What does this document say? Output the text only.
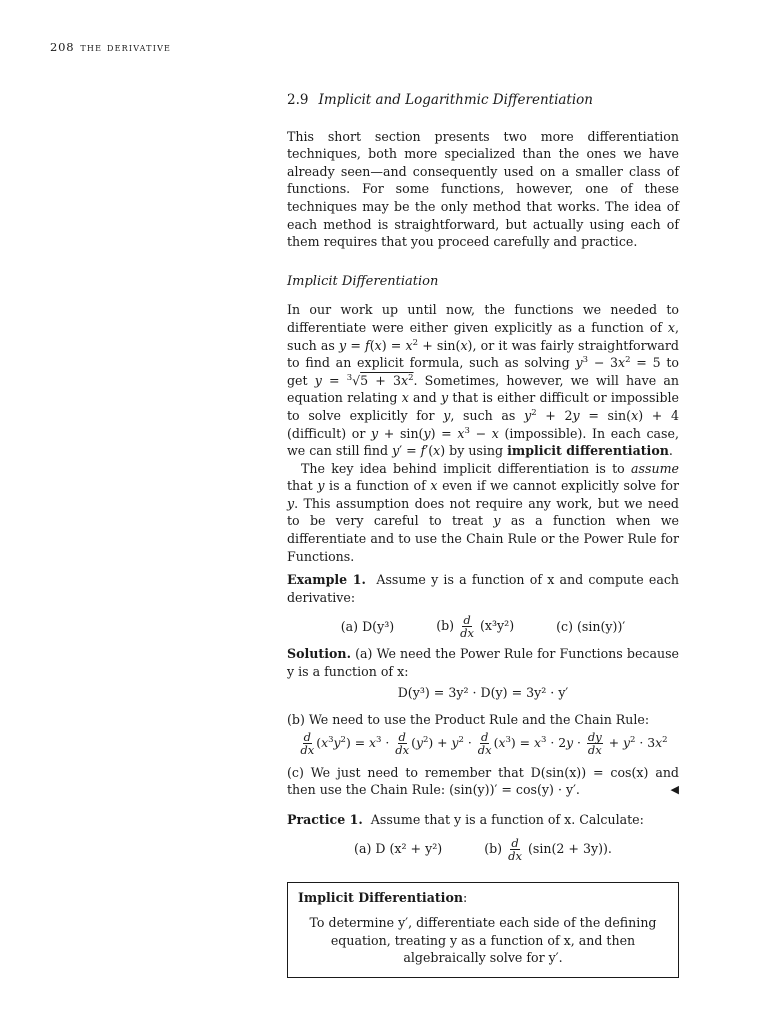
208 the derivative
2.9 Implicit and Logarithmic Differentiation

This short section presents two more differentiation techniques, both more specialized than the ones we have already seen—and consequently used on a smaller class of functions. For some functions, however, one of these techniques may be the only method that works. The idea of each method is straightforward, but actually using each of them requires that you proceed carefully and practice.

Implicit Differentiation

In our work up until now, the functions we needed to differentiate were either given explicitly as a function of x, such as $y = f(x) = x^2 + \sin(x)$, or it was fairly straightforward to find an explicit formula, such as solving $y^3 - 3x^2 = 5$ to get $y = ^3√5 + 3x^2$. Sometimes, however, we will have an equation relating x and y that is either difficult or impossible to solve explicitly for y, such as $y^2 + 2y = \sin(x) + 4$ (difficult) or $y + \sin(y) = x^3 - x$ (impossible). In each case, we can still find y′ = f′(x) by using implicit differentiation.

The key idea behind implicit differentiation is to assume that y is a function of x even if we cannot explicitly solve for y. This assumption does not require any work, but we need to be very careful to treat y as a function when we differentiate and to use the Chain Rule or the Power Rule for Functions.

Example 1. Assume y is a function of x and compute each derivative:

(a) D(y³)	$(b) \frac{d}{dx} (x^3y^2)$	(c) (sin(y))′

Solution. (a) We need the Power Rule for Functions because y is a function of x:

D(y³) = 3y² · D(y) = 3y² · y′

(b) We need to use the Product Rule and the Chain Rule:

$\frac{d}{dx} (x^3y^2) = x^3 \cdot \frac{d}{dx} (y^2) + y^2 \cdot \frac{d}{dx} (x^3) = x^3 \cdot 2y \cdot \frac{dy}{dx} + y^2 \cdot 3x^2$

(c) We just need to remember that D(sin(x)) = cos(x) and then use the Chain Rule: (sin(y))′ = cos(y) · y′.	◀

Practice 1. Assume that y is a function of x. Calculate:

(a) D (x² + y²)	$(b) \frac{d}{dx} (\sin(2 + 3y))$.
Implicit Differentiation:

To determine y′, differentiate each side of the defining equation, treating y as a function of x, and then algebraically solve for y′.
